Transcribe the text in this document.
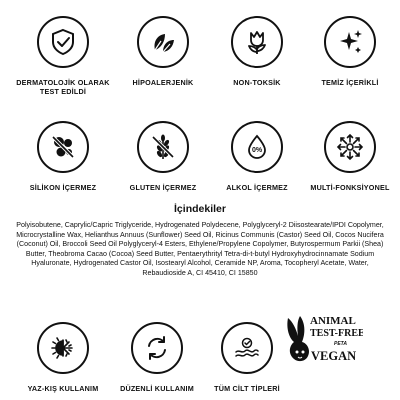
DERMATOLOJİK OLARAK
TEST EDİLDİ
HİPOALERJENİK	NON-TOKSİK	TEMİZ İÇERİKLİ
SİLİKON İÇERMEZ	GLUTEN İÇERMEZ
0%
ALKOL İÇERMEZ	MULTİ-FONKSİYONEL
İçindekiler
Polyisobutene, Caprylic/Capric Triglyceride, Hydrogenated Polydecene, Polyglyceryl-2 Diisostearate/IPDI Copolymer, Microcrystalline Wax, Helianthus Annuus (Sunflower) Seed Oil, Ricinus Communis (Castor) Seed Oil, Cocos Nucifera (Coconut) Oil, Broccoli Seed Oil Polyglyceryl-4 Esters, Ethylene/Propylene Copolymer, Butyrospermum Parkii (Shea) Butter, Theobroma Cacao (Cocoa) Seed Butter, Pentaerythrityl Tetra-di-t-butyl Hydroxyhydrocinnamate Sodium Hyaluronate, Hydrogenated Castor Oil, Isostearyl Alcohol, Ceramide NP, Aroma, Tocopheryl Acetate, Water, Rebaudioside A, CI 45410, CI 15850
YAZ-KIŞ KULLANIM	DÜZENLİ KULLANIM	TÜM CİLT TİPLERİ
ANIMAL
TEST-FREE
PETA
VEGAN
